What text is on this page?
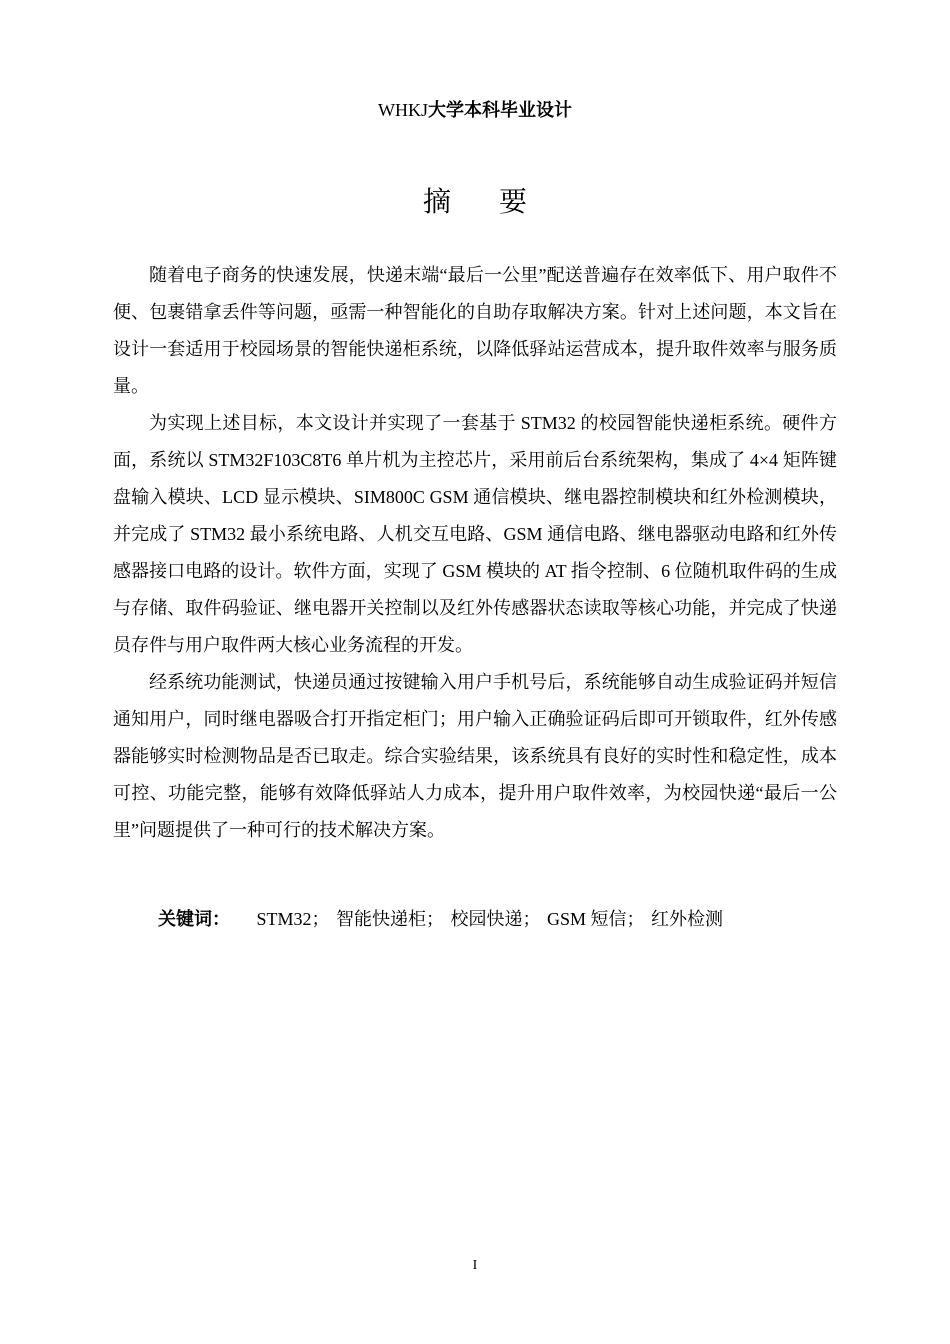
WHKJ大学本科毕业设计
摘要

随着电子商务的快速发展，快递末端“最后一公里”配送普遍存在效率低下、用户取件不便、包裹错拿丢件等问题，亟需一种智能化的自助存取解决方案。针对上述问题，本文旨在设计一套适用于校园场景的智能快递柜系统，以降低驿站运营成本，提升取件效率与服务质量。

为实现上述目标，本文设计并实现了一套基于 STM32 的校园智能快递柜系统。硬件方面，系统以 STM32F103C8T6 单片机为主控芯片，采用前后台系统架构，集成了 4×4 矩阵键盘输入模块、LCD 显示模块、SIM800C GSM 通信模块、继电器控制模块和红外检测模块，并完成了 STM32 最小系统电路、人机交互电路、GSM 通信电路、继电器驱动电路和红外传感器接口电路的设计。软件方面，实现了 GSM 模块的 AT 指令控制、6 位随机取件码的生成与存储、取件码验证、继电器开关控制以及红外传感器状态读取等核心功能，并完成了快递员存件与用户取件两大核心业务流程的开发。

经系统功能测试，快递员通过按键输入用户手机号后，系统能够自动生成验证码并短信通知用户，同时继电器吸合打开指定柜门；用户输入正确验证码后即可开锁取件，红外传感器能够实时检测物品是否已取走。综合实验结果，该系统具有良好的实时性和稳定性，成本可控、功能完整，能够有效降低驿站人力成本，提升用户取件效率，为校园快递“最后一公里”问题提供了一种可行的技术解决方案。

关键词： STM32； 智能快递柜； 校园快递； GSM 短信； 红外检测
I
